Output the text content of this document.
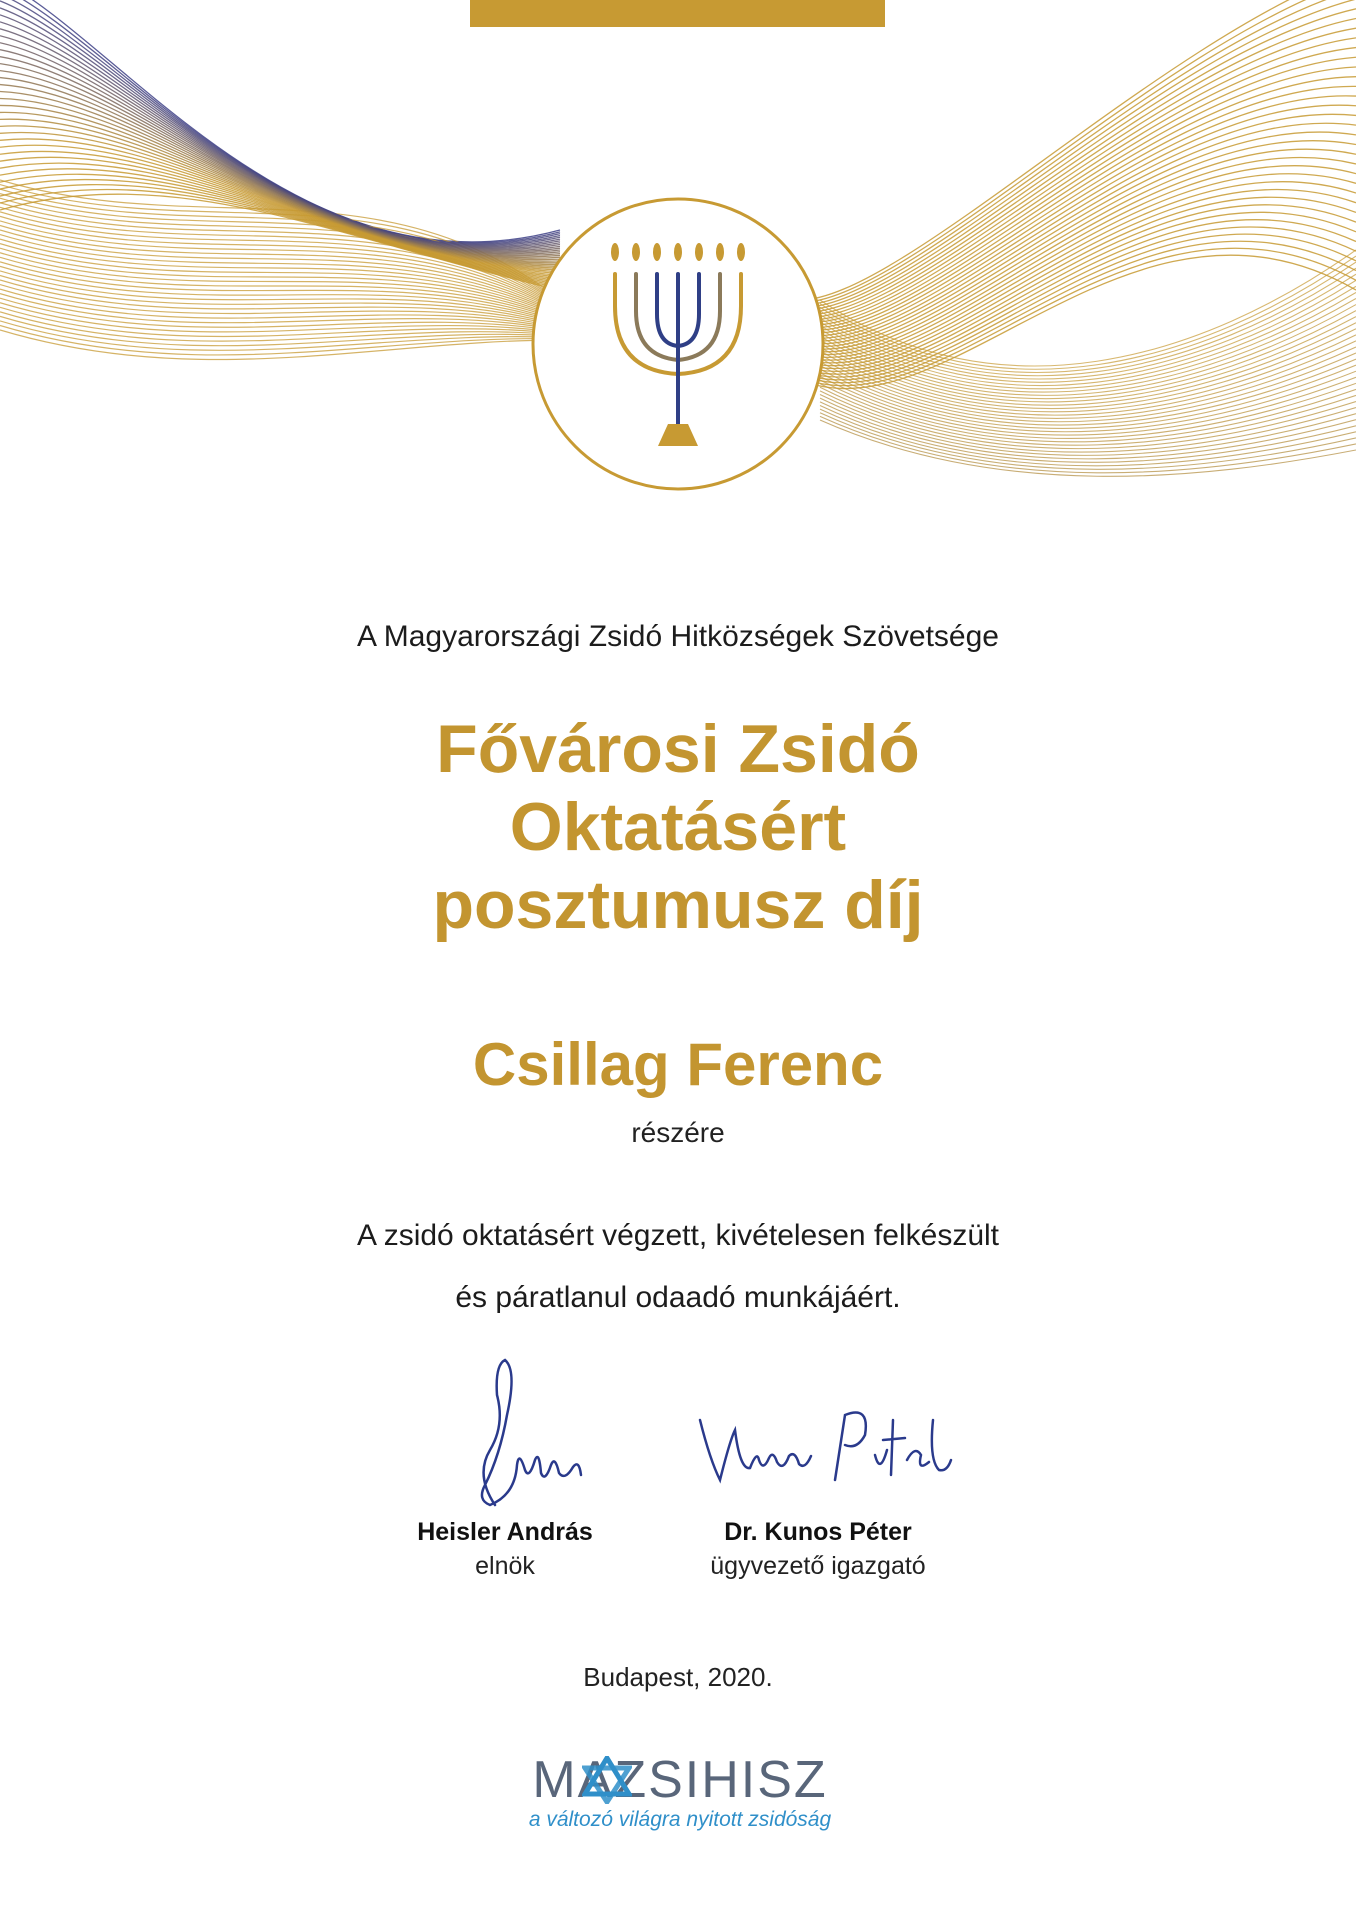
A Magyarországi Zsidó Hitközségek Szövetsége
Fővárosi Zsidó
Oktatásért
posztumusz díj
Csillag Ferenc
részére
A zsidó oktatásért végzett, kivételesen felkészült
és páratlanul odaadó munkájáért.
Heisler András
elnök
Dr. Kunos Péter
ügyvezető igazgató
Budapest, 2020.
MAZSIHISZ
a változó világra nyitott zsidóság
